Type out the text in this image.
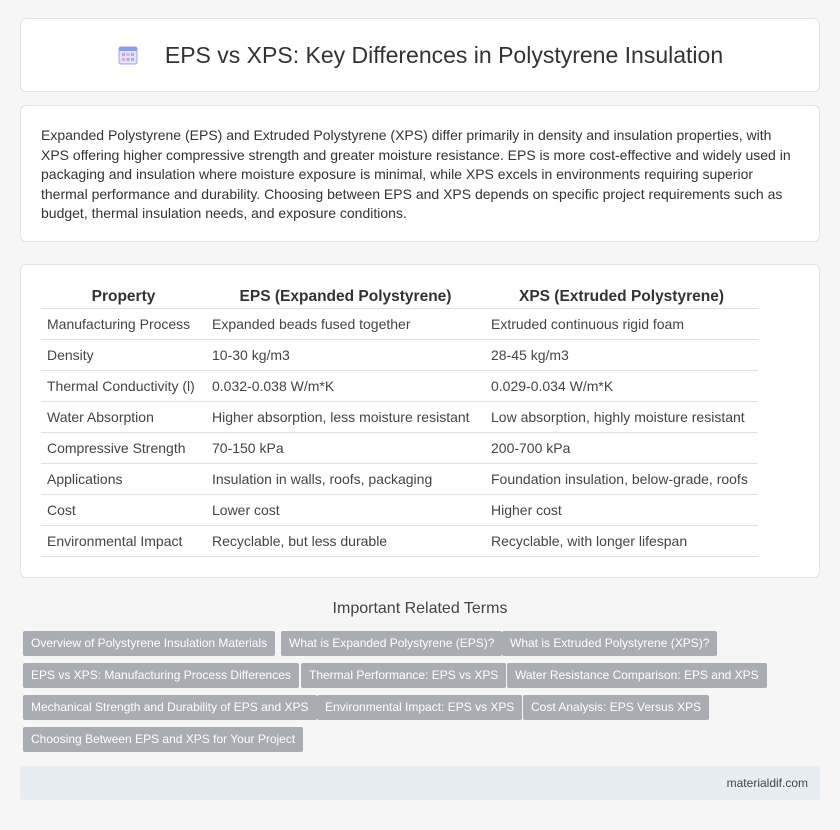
EPS vs XPS: Key Differences in Polystyrene Insulation

Expanded Polystyrene (EPS) and Extruded Polystyrene (XPS) differ primarily in density and insulation properties, with XPS offering higher compressive strength and greater moisture resistance. EPS is more cost-effective and widely used in packaging and insulation where moisture exposure is minimal, while XPS excels in environments requiring superior thermal performance and durability. Choosing between EPS and XPS depends on specific project requirements such as budget, thermal insulation needs, and exposure conditions.

Property	EPS (Expanded Polystyrene)	XPS (Extruded Polystyrene)
Manufacturing Process	Expanded beads fused together	Extruded continuous rigid foam
Density	10-30 kg/m3	28-45 kg/m3
Thermal Conductivity (l)	0.032-0.038 W/m*K	0.029-0.034 W/m*K
Water Absorption	Higher absorption, less moisture resistant	Low absorption, highly moisture resistant
Compressive Strength	70-150 kPa	200-700 kPa
Applications	Insulation in walls, roofs, packaging	Foundation insulation, below-grade, roofs
Cost	Lower cost	Higher cost
Environmental Impact	Recyclable, but less durable	Recyclable, with longer lifespan
Important Related Terms
Overview of Polystyrene Insulation Materials	What is Expanded Polystyrene (EPS)?	What is Extruded Polystyrene (XPS)?
EPS vs XPS: Manufacturing Process Differences	Thermal Performance: EPS vs XPS	Water Resistance Comparison: EPS and XPS
Mechanical Strength and Durability of EPS and XPS	Environmental Impact: EPS vs XPS	Cost Analysis: EPS Versus XPS
Choosing Between EPS and XPS for Your Project
materialdif.com
